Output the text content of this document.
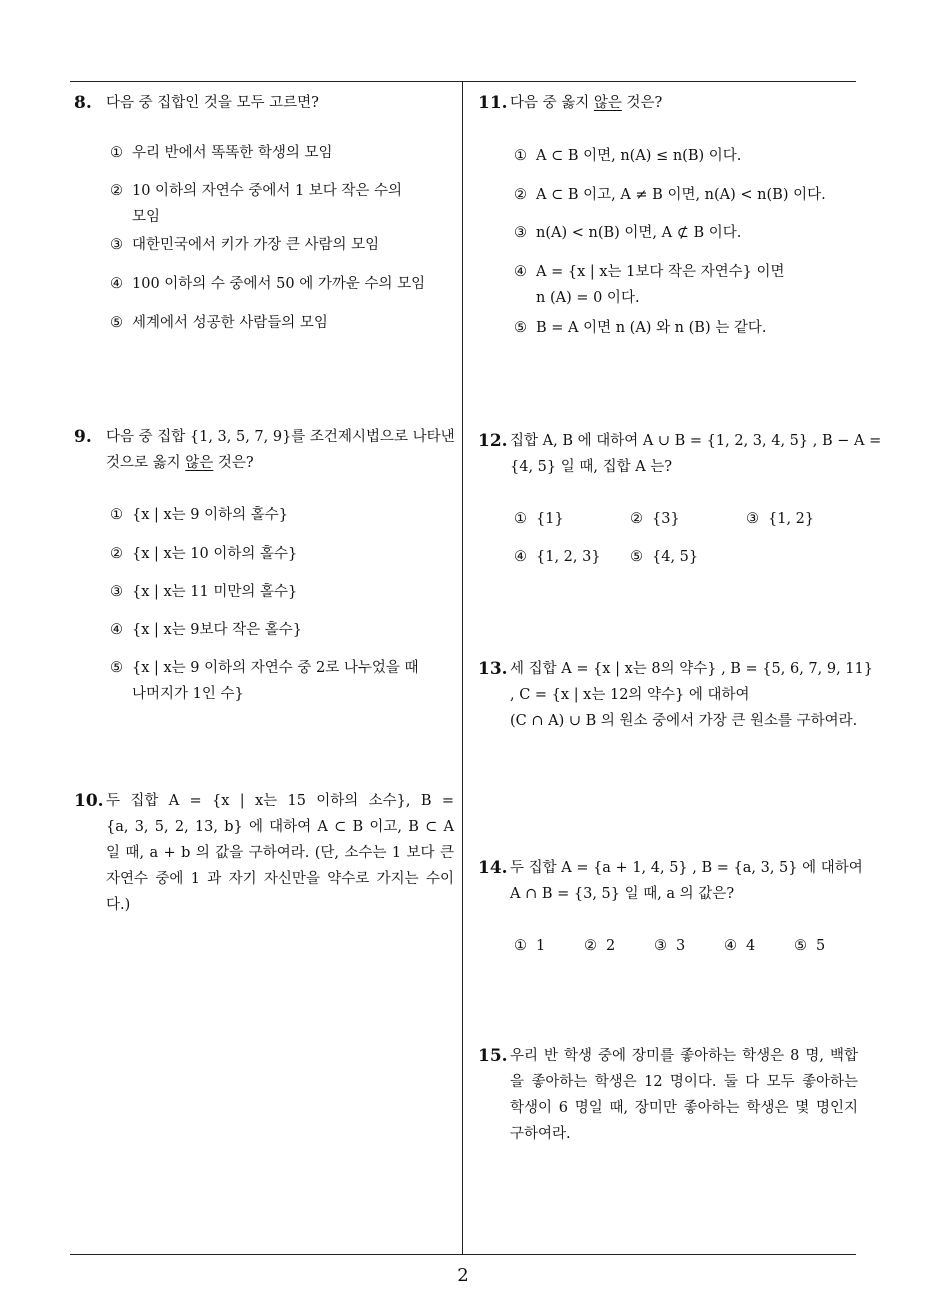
2
8. 다음 중 집합인 것을 모두 고르면?
① 우리 반에서 똑똑한 학생의 모임
② 10 이하의 자연수 중에서 1 보다 작은 수의
모임
③ 대한민국에서 키가 가장 큰 사람의 모임
④ 100 이하의 수 중에서 50 에 가까운 수의 모임
⑤ 세계에서 성공한 사람들의 모임
9. 다음 중 집합 {1, 3, 5, 7, 9}를 조건제시법으로 나타낸
것으로 옳지 않은 것은?
① {x | x는 9 이하의 홀수}
② {x | x는 10 이하의 홀수}
③ {x | x는 11 미만의 홀수}
④ {x | x는 9보다 작은 홀수}
⑤ {x | x는 9 이하의 자연수 중 2로 나누었을 때
나머지가 1인 수}
10. 두 집합 A = {x | x는 15 이하의 소수}, B =
{a, 3, 5, 2, 13, b} 에 대하여 A ⊂ B 이고, B ⊂ A
일 때, a + b 의 값을 구하여라. (단, 소수는 1 보다 큰
자연수 중에 1 과 자기 자신만을 약수로 가지는 수이
다.)
11. 다음 중 옳지 않은 것은?
① A ⊂ B 이면, n(A) ≤ n(B) 이다.
② A ⊂ B 이고, A ≠ B 이면, n(A) < n(B) 이다.
③ n(A) < n(B) 이면, A ⊄ B 이다.
④ A = {x | x는 1보다 작은 자연수} 이면
n (A) = 0 이다.
⑤ B = A 이면 n (A) 와 n (B) 는 같다.
12. 집합 A, B 에 대하여 A ∪ B = {1, 2, 3, 4, 5} , B − A =
{4, 5} 일 때, 집합 A 는?
① {1}	② {3}	③ {1, 2}
④ {1, 2, 3} ⑤ {4, 5}
13. 세 집합 A = {x | x는 8의 약수} , B = {5, 6, 7, 9, 11}
, C = {x | x는 12의 약수} 에 대하여
(C ∩ A) ∪ B 의 원소 중에서 가장 큰 원소를 구하여라.
14. 두 집합 A = {a + 1, 4, 5} , B = {a, 3, 5} 에 대하여
A ∩ B = {3, 5} 일 때, a 의 값은?
① 1	② 2	③ 3	④ 4	⑤ 5
15. 우리 반 학생 중에 장미를 좋아하는 학생은 8 명, 백합
을 좋아하는 학생은 12 명이다. 둘 다 모두 좋아하는
학생이 6 명일 때, 장미만 좋아하는 학생은 몇 명인지
구하여라.
